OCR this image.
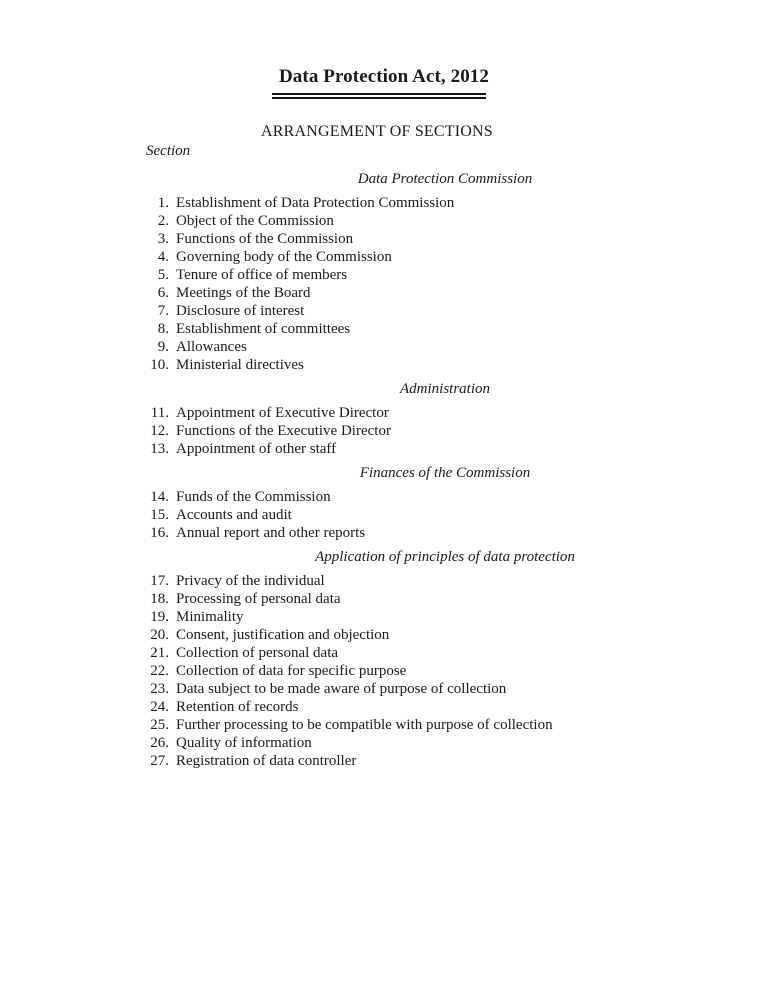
Data Protection Act, 2012
ARRANGEMENT OF SECTIONS
Section
Data Protection Commission
1. Establishment of Data Protection Commission
2. Object of the Commission
3. Functions of the Commission
4. Governing body of the Commission
5. Tenure of office of members
6. Meetings of the Board
7. Disclosure of interest
8. Establishment of committees
9. Allowances
10. Ministerial directives
Administration
11. Appointment of Executive Director
12. Functions of the Executive Director
13. Appointment of other staff
Finances of the Commission
14. Funds of the Commission
15. Accounts and audit
16. Annual report and other reports
Application of principles of data protection
17. Privacy of the individual
18. Processing of personal data
19. Minimality
20. Consent, justification and objection
21. Collection of personal data
22. Collection of data for specific purpose
23. Data subject to be made aware of purpose of collection
24. Retention of records
25. Further processing to be compatible with purpose of collection
26. Quality of information
27. Registration of data controller
